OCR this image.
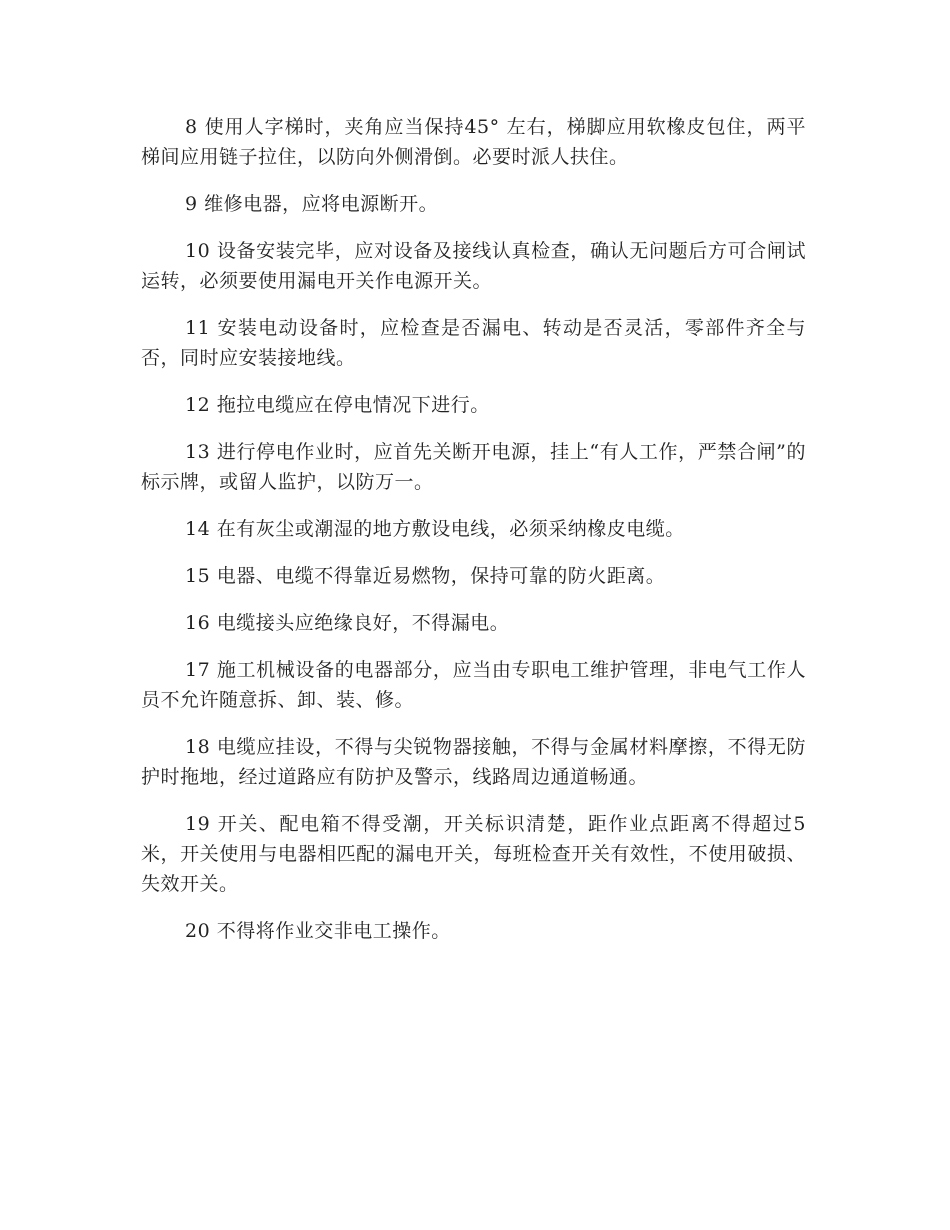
8 使用人字梯时，夹角应当保持45° 左右，梯脚应用软橡皮包住，两平梯间应用链子拉住，以防向外侧滑倒。必要时派人扶住。

9 维修电器，应将电源断开。

10 设备安装完毕，应对设备及接线认真检查，确认无问题后方可合闸试运转，必须要使用漏电开关作电源开关。

11 安装电动设备时，应检查是否漏电、转动是否灵活，零部件齐全与否，同时应安装接地线。

12 拖拉电缆应在停电情况下进行。

13 进行停电作业时，应首先关断开电源，挂上“有人工作，严禁合闸”的标示牌，或留人监护，以防万一。

14 在有灰尘或潮湿的地方敷设电线，必须采纳橡皮电缆。

15 电器、电缆不得靠近易燃物，保持可靠的防火距离。

16 电缆接头应绝缘良好，不得漏电。

17 施工机械设备的电器部分，应当由专职电工维护管理，非电气工作人员不允许随意拆、卸、装、修。

18 电缆应挂设，不得与尖锐物器接触，不得与金属材料摩擦，不得无防护时拖地，经过道路应有防护及警示，线路周边通道畅通。

19 开关、配电箱不得受潮，开关标识清楚，距作业点距离不得超过5米，开关使用与电器相匹配的漏电开关，每班检查开关有效性，不使用破损、失效开关。

20 不得将作业交非电工操作。
